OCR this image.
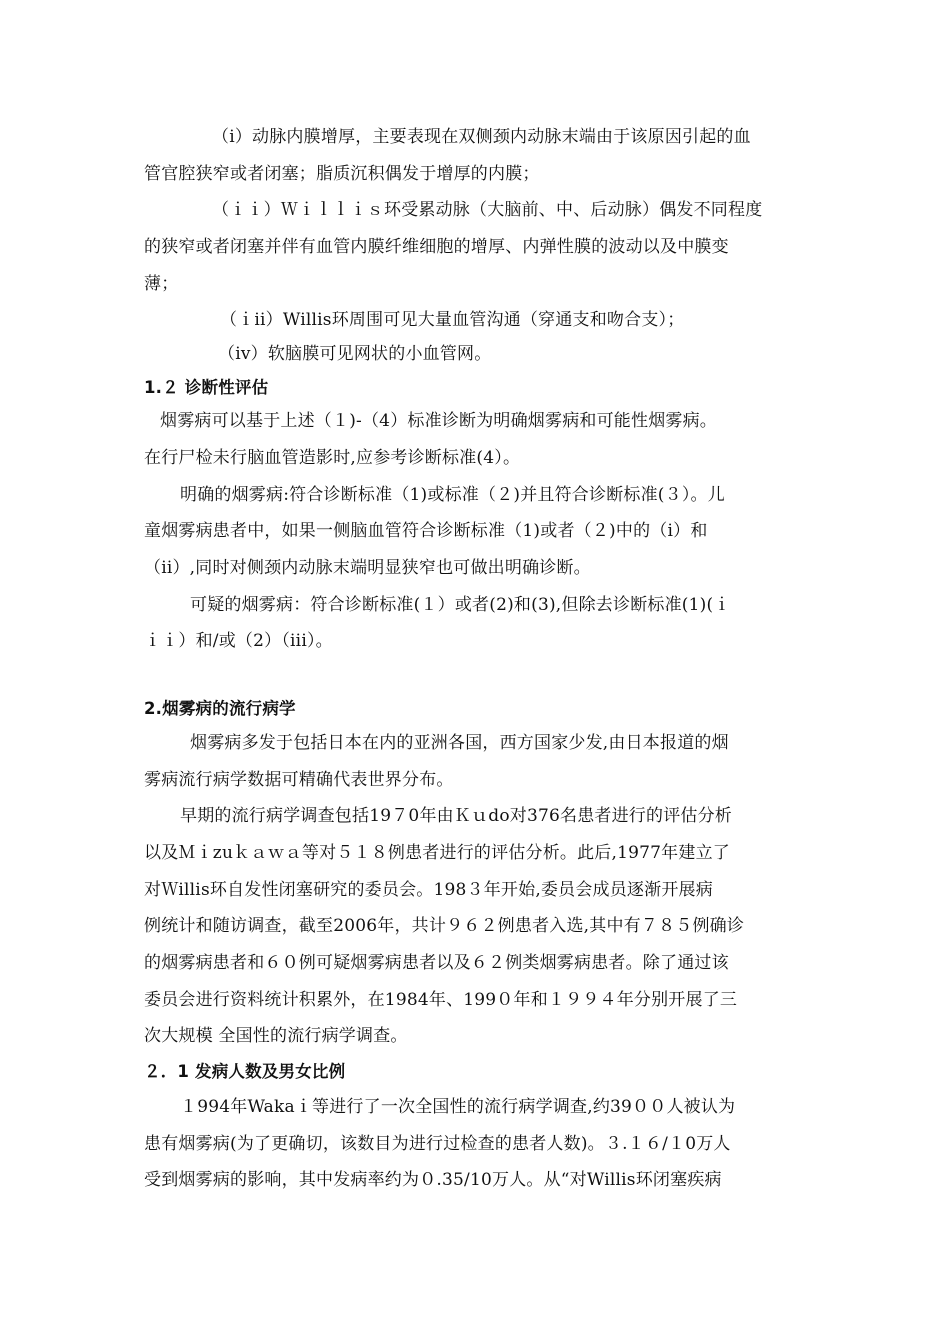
（i）动脉内膜增厚，主要表现在双侧颈内动脉末端由于该原因引起的血
管官腔狭窄或者闭塞；脂质沉积偶发于增厚的内膜；
（ｉｉ）Ｗｉｌｌｉｓ环受累动脉（大脑前、中、后动脉）偶发不同程度
的狭窄或者闭塞并伴有血管内膜纤维细胞的增厚、内弹性膜的波动以及中膜变
薄；
（ｉii）Willis环周围可见大量血管沟通（穿通支和吻合支）；
（iv）软脑膜可见网状的小血管网。
1.２ 诊断性评估
烟雾病可以基于上述（１)-（4）标准诊断为明确烟雾病和可能性烟雾病。
在行尸检未行脑血管造影时,应参考诊断标准(4）。
明确的烟雾病:符合诊断标准（1)或标准（２)并且符合诊断标准(３）。儿
童烟雾病患者中，如果一侧脑血管符合诊断标准（1)或者（２)中的（i）和
（ii）,同时对侧颈内动脉末端明显狭窄也可做出明确诊断。
可疑的烟雾病：符合诊断标准(１）或者(2)和(3),但除去诊断标准(1)(ｉ
ｉｉ）和/或（2）（iii）。
2.烟雾病的流行病学
烟雾病多发于包括日本在内的亚洲各国，西方国家少发,由日本报道的烟
雾病流行病学数据可精确代表世界分布。
早期的流行病学调查包括19７0年由Ｋｕdo对376名患者进行的评估分析
以及Ｍｉzuｋａｗａ等对５１８例患者进行的评估分析。此后,1977年建立了
对Ｗillis环自发性闭塞研究的委员会。198３年开始,委员会成员逐渐开展病
例统计和随访调查，截至2006年，共计９６２例患者入选,其中有７８５例确诊
的烟雾病患者和６０例可疑烟雾病患者以及６２例类烟雾病患者。除了通过该
委员会进行资料统计积累外，在1984年、199０年和１９９４年分别开展了三
次大规模 全国性的流行病学调查。
２．1 发病人数及男女比例
１994年Wakaｉ等进行了一次全国性的流行病学调查,约39００人被认为
患有烟雾病(为了更确切，该数目为进行过检查的患者人数)。３.１６/１0万人
受到烟雾病的影响，其中发病率约为０.35/10万人。从“对Willis环闭塞疾病
